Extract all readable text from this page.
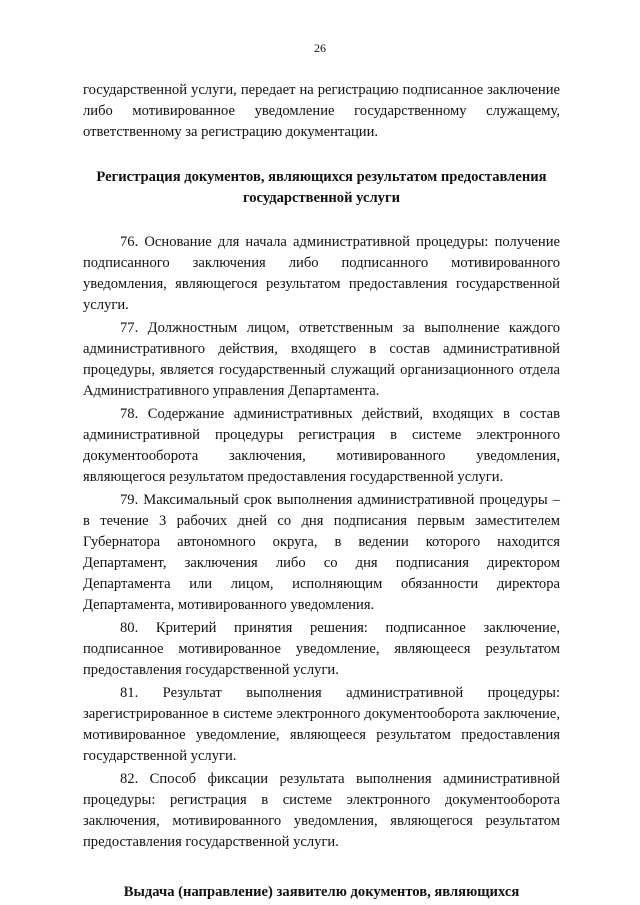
26

государственной услуги, передает на регистрацию подписанное заключение либо мотивированное уведомление государственному служащему, ответственному за регистрацию документации.

Регистрация документов, являющихся результатом предоставления государственной услуги

76. Основание для начала административной процедуры: получение подписанного заключения либо подписанного мотивированного уведомления, являющегося результатом предоставления государственной услуги.

77. Должностным лицом, ответственным за выполнение каждого административного действия, входящего в состав административной процедуры, является государственный служащий организационного отдела Административного управления Департамента.

78. Содержание административных действий, входящих в состав административной процедуры регистрация в системе электронного документооборота заключения, мотивированного уведомления, являющегося результатом предоставления государственной услуги.

79. Максимальный срок выполнения административной процедуры – в течение 3 рабочих дней со дня подписания первым заместителем Губернатора автономного округа, в ведении которого находится Департамент, заключения либо со дня подписания директором Департамента или лицом, исполняющим обязанности директора Департамента, мотивированного уведомления.

80. Критерий принятия решения: подписанное заключение, подписанное мотивированное уведомление, являющееся результатом предоставления государственной услуги.

81. Результат выполнения административной процедуры: зарегистрированное в системе электронного документооборота заключение, мотивированное уведомление, являющееся результатом предоставления государственной услуги.

82. Способ фиксации результата выполнения административной процедуры: регистрация в системе электронного документооборота заключения, мотивированного уведомления, являющегося результатом предоставления государственной услуги.

Выдача (направление) заявителю документов, являющихся
